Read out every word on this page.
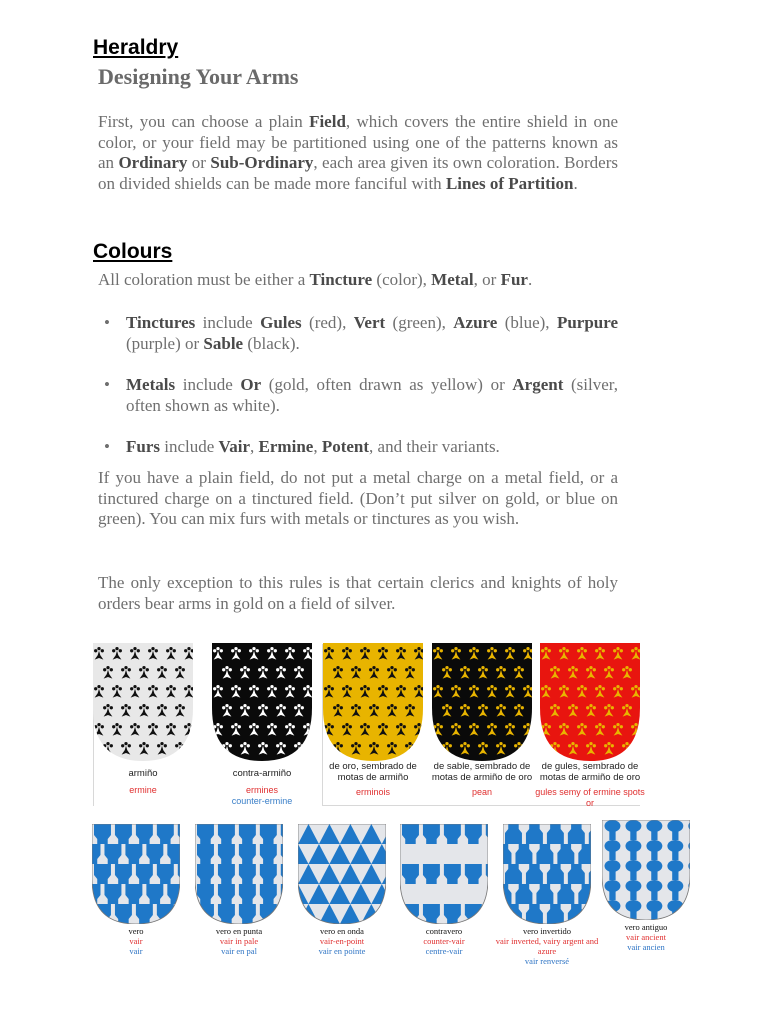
Heraldry
Designing Your Arms

First, you can choose a plain Field, which covers the entire shield in one color, or your field may be partitioned using one of the patterns known as an Ordinary or Sub-Ordinary, each area given its own coloration. Borders on divided shields can be made more fanciful with Lines of Partition.

Colours

All coloration must be either a Tincture (color), Metal, or Fur.

• Tinctures include Gules (red), Vert (green), Azure (blue), Purpure (purple) or Sable (black).
• Metals include Or (gold, often drawn as yellow) or Argent (silver, often shown as white).
• Furs include Vair, Ermine, Potent, and their variants.

If you have a plain field, do not put a metal charge on a metal field, or a tinctured charge on a tinctured field. (Don’t put silver on gold, or blue on green). You can mix furs with metals or tinctures as you wish.

The only exception to this rules is that certain clerics and knights of holy orders bear arms in gold on a field of silver.

armiño
ermine
contra-armiño
ermines
counter-ermine
de oro, sembrado de motas de armiño
erminois
de sable, sembrado de motas de armiño de oro
pean
de gules, sembrado de motas de armiño de oro
gules semy of ermine spots or
vero
vair
vair
vero en punta
vair in pale
vair en pal
vero en onda
vair-en-point
vair en pointe
contravero
counter-vair
centre-vair
vero invertido
vair inverted, vairy argent and azure
vair renversé
vero antiguo
vair ancient
vair ancien
